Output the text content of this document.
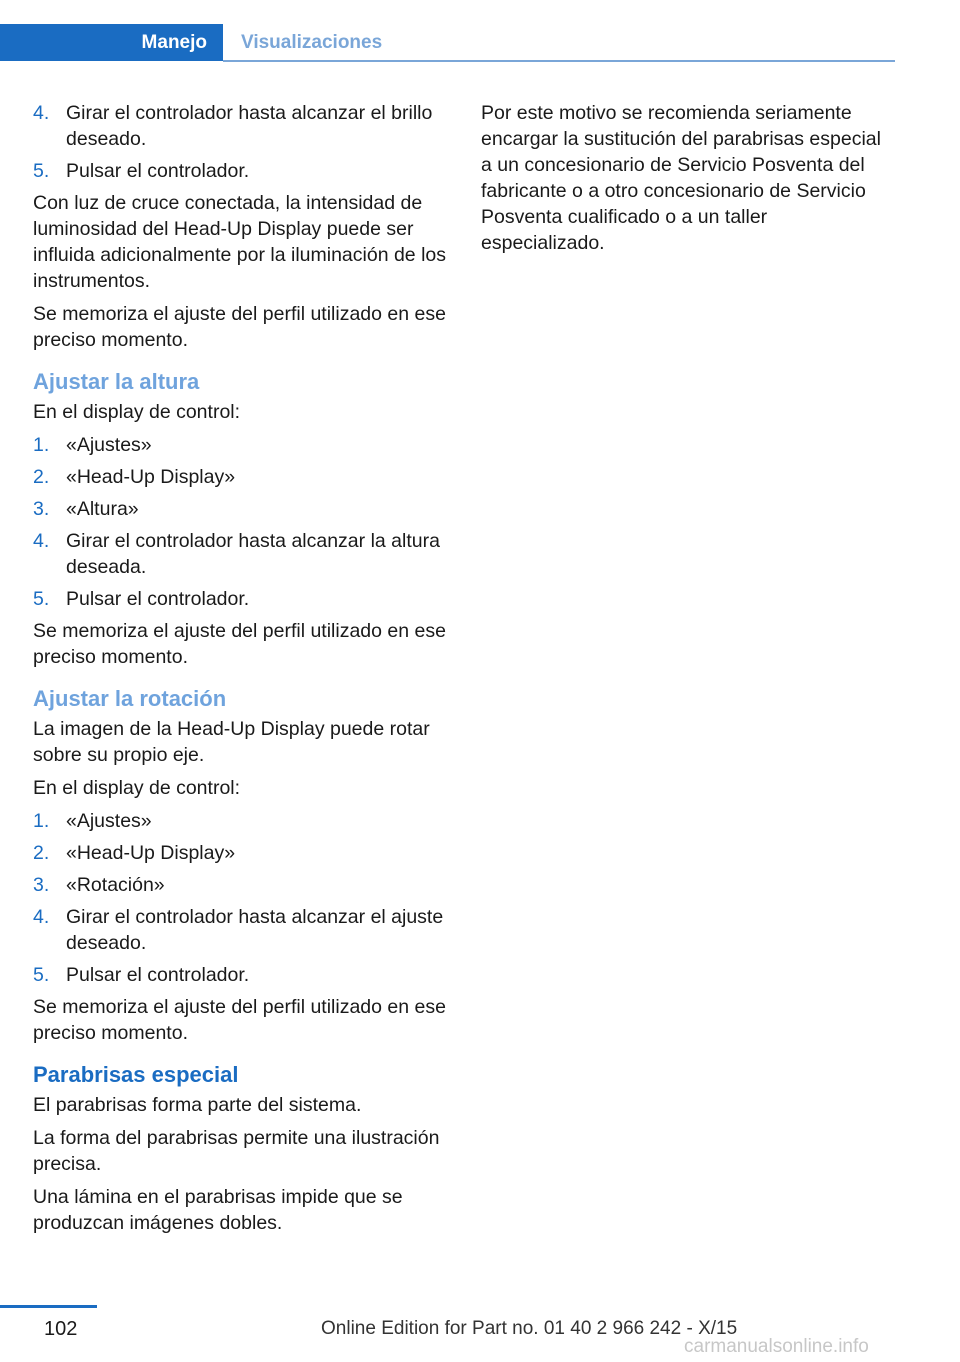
Manejo	Visualizaciones
4. Girar el controlador hasta alcanzar el brillo deseado.
5. Pulsar el controlador.

Con luz de cruce conectada, la intensidad de luminosidad del Head-Up Display puede ser influida adicionalmente por la iluminación de los instrumentos.

Se memoriza el ajuste del perfil utilizado en ese preciso momento.

Ajustar la altura

En el display de control:

1. «Ajustes»
2. «Head-Up Display»
3. «Altura»
4. Girar el controlador hasta alcanzar la altura deseada.
5. Pulsar el controlador.

Se memoriza el ajuste del perfil utilizado en ese preciso momento.

Ajustar la rotación

La imagen de la Head-Up Display puede rotar sobre su propio eje.

En el display de control:

1. «Ajustes»
2. «Head-Up Display»
3. «Rotación»
4. Girar el controlador hasta alcanzar el ajuste deseado.
5. Pulsar el controlador.

Se memoriza el ajuste del perfil utilizado en ese preciso momento.

Parabrisas especial

El parabrisas forma parte del sistema.

La forma del parabrisas permite una ilustración precisa.

Una lámina en el parabrisas impide que se produzcan imágenes dobles.

Por este motivo se recomienda seriamente encargar la sustitución del parabrisas especial a un concesionario de Servicio Posventa del fabricante o a otro concesionario de Servicio Posventa cualificado o a un taller especializado.

102	Online Edition for Part no. 01 40 2 966 242 - X/15
carmanualsonline.info
